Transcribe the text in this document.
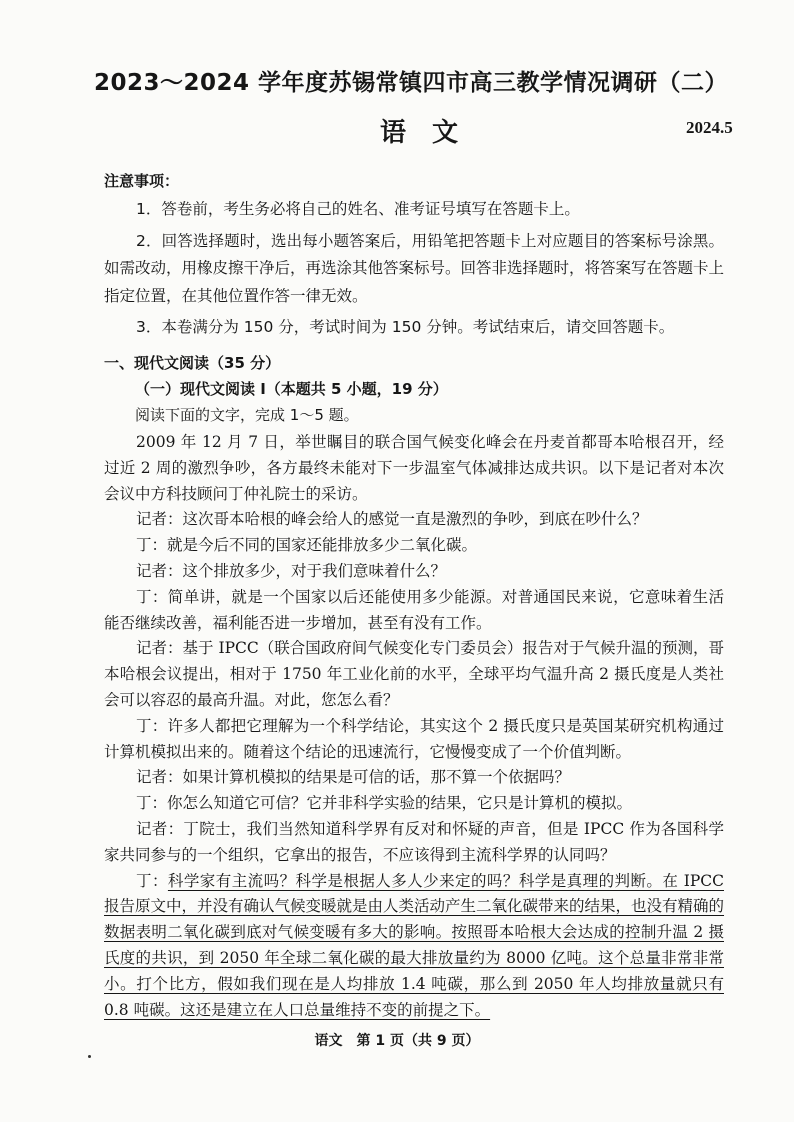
2023～2024 学年度苏锡常镇四市高三教学情况调研（二）
语文	2024.5
注意事项：

1．答卷前，考生务必将自己的姓名、准考证号填写在答题卡上。

2．回答选择题时，选出每小题答案后，用铅笔把答题卡上对应题目的答案标号涂黑。如需改动，用橡皮擦干净后，再选涂其他答案标号。回答非选择题时，将答案写在答题卡上指定位置，在其他位置作答一律无效。

3．本卷满分为 150 分，考试时间为 150 分钟。考试结束后，请交回答题卡。

一、现代文阅读（35 分）
（一）现代文阅读 I（本题共 5 小题，19 分）
阅读下面的文字，完成 1～5 题。

2009 年 12 月 7 日，举世瞩目的联合国气候变化峰会在丹麦首都哥本哈根召开，经过近 2 周的激烈争吵，各方最终未能对下一步温室气体减排达成共识。以下是记者对本次会议中方科技顾问丁仲礼院士的采访。

记者：这次哥本哈根的峰会给人的感觉一直是激烈的争吵，到底在吵什么？

丁：就是今后不同的国家还能排放多少二氧化碳。

记者：这个排放多少，对于我们意味着什么？

丁：简单讲，就是一个国家以后还能使用多少能源。对普通国民来说，它意味着生活能否继续改善，福利能否进一步增加，甚至有没有工作。

记者：基于 IPCC（联合国政府间气候变化专门委员会）报告对于气候升温的预测，哥本哈根会议提出，相对于 1750 年工业化前的水平，全球平均气温升高 2 摄氏度是人类社会可以容忍的最高升温。对此，您怎么看？

丁：许多人都把它理解为一个科学结论，其实这个 2 摄氏度只是英国某研究机构通过计算机模拟出来的。随着这个结论的迅速流行，它慢慢变成了一个价值判断。

记者：如果计算机模拟的结果是可信的话，那不算一个依据吗？

丁：你怎么知道它可信？它并非科学实验的结果，它只是计算机的模拟。

记者：丁院士，我们当然知道科学界有反对和怀疑的声音，但是 IPCC 作为各国科学家共同参与的一个组织，它拿出的报告，不应该得到主流科学界的认同吗？

丁：科学家有主流吗？科学是根据人多人少来定的吗？科学是真理的判断。在 IPCC 报告原文中，并没有确认气候变暖就是由人类活动产生二氧化碳带来的结果，也没有精确的数据表明二氧化碳到底对气候变暖有多大的影响。按照哥本哈根大会达成的控制升温 2 摄氏度的共识，到 2050 年全球二氧化碳的最大排放量约为 8000 亿吨。这个总量非常非常小。打个比方，假如我们现在是人均排放 1.4 吨碳，那么到 2050 年人均排放量就只有 0.8 吨碳。这还是建立在人口总量维持不变的前提之下。

语文　第 1 页（共 9 页）
